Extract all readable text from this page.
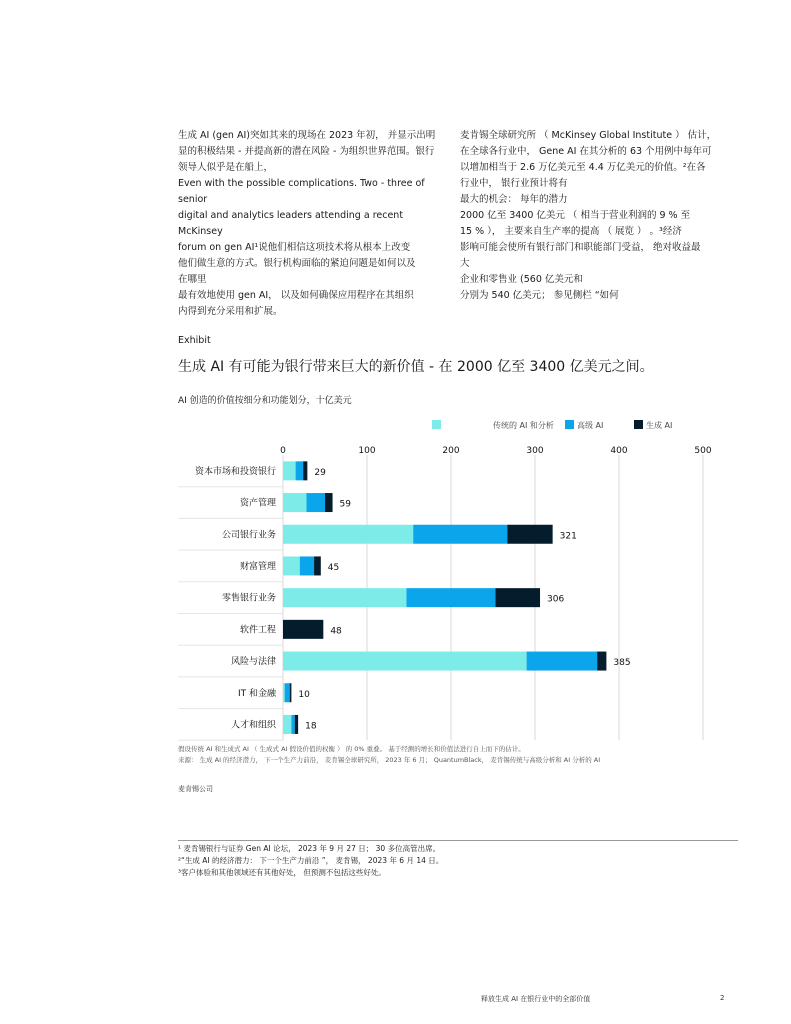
生成 AI (gen AI)突如其来的现场在 2023 年初， 并显示出明

显的积极结果 - 并提高新的潜在风险 - 为组织世界范围。银行

领导人似乎是在船上，

Even with the possible complications. Two - three of senior

digital and analytics leaders attending a recent McKinsey

forum on gen AI¹说他们相信这项技术将从根本上改变

他们做生意的方式。银行机构面临的紧迫问题是如何以及

在哪里

最有效地使用 gen AI， 以及如何确保应用程序在其组织

内得到充分采用和扩展。

麦肯锡全球研究所 （ McKinsey Global Institute ） 估计，

在全球各行业中， Gene AI 在其分析的 63 个用例中每年可

以增加相当于 2.6 万亿美元至 4.4 万亿美元的价值。²在各

行业中， 银行业预计将有

最大的机会： 每年的潜力

2000 亿至 3400 亿美元 （ 相当于营业利润的 9 % 至

15 % ）， 主要来自生产率的提高 （ 展览 ） 。³经济

影响可能会使所有银行部门和职能部门受益， 绝对收益最

大

企业和零售业 (560 亿美元和

分别为 540 亿美元； 参见侧栏 “如何

Exhibit
生成 AI 有可能为银行带来巨大的新价值 - 在 2000 亿至 3400 亿美元之间。
AI 创造的价值按细分和功能划分，十亿美元
传统的 AI 和分析	高级 AI	生成 AI
0	100	200	300	400	500
资本市场和投资银行	29
资产管理	59
公司银行业务	321
财富管理	45
零售银行业务	306
软件工程	48
风险与法律	385
IT 和金融 10
人才和组织	18

假设传统 AI 和生成式 AI （ 生成式 AI 假设价值的权衡 ） 的 0% 重叠。 基于经测的增长和价值法进行自上而下的估计。

来源： 生成 AI 的经济潜力， 下一个生产力前沿， 麦肯锡全球研究所， 2023 年 6 月； QuantumBlack， 麦肯锡传统与高级分析和 AI 分析的 AI

麦肯锡公司

¹ 麦肯锡银行与证券 Gen AI 论坛， 2023 年 9 月 27 日； 30 多位高管出席。

²“生成 AI 的经济潜力： 下一个生产力前沿 ”， 麦肯锡， 2023 年 6 月 14 日。

³客户体验和其他领域还有其他好处， 但预测不包括这些好处。

释放生成 AI 在银行业中的全部价值	2
